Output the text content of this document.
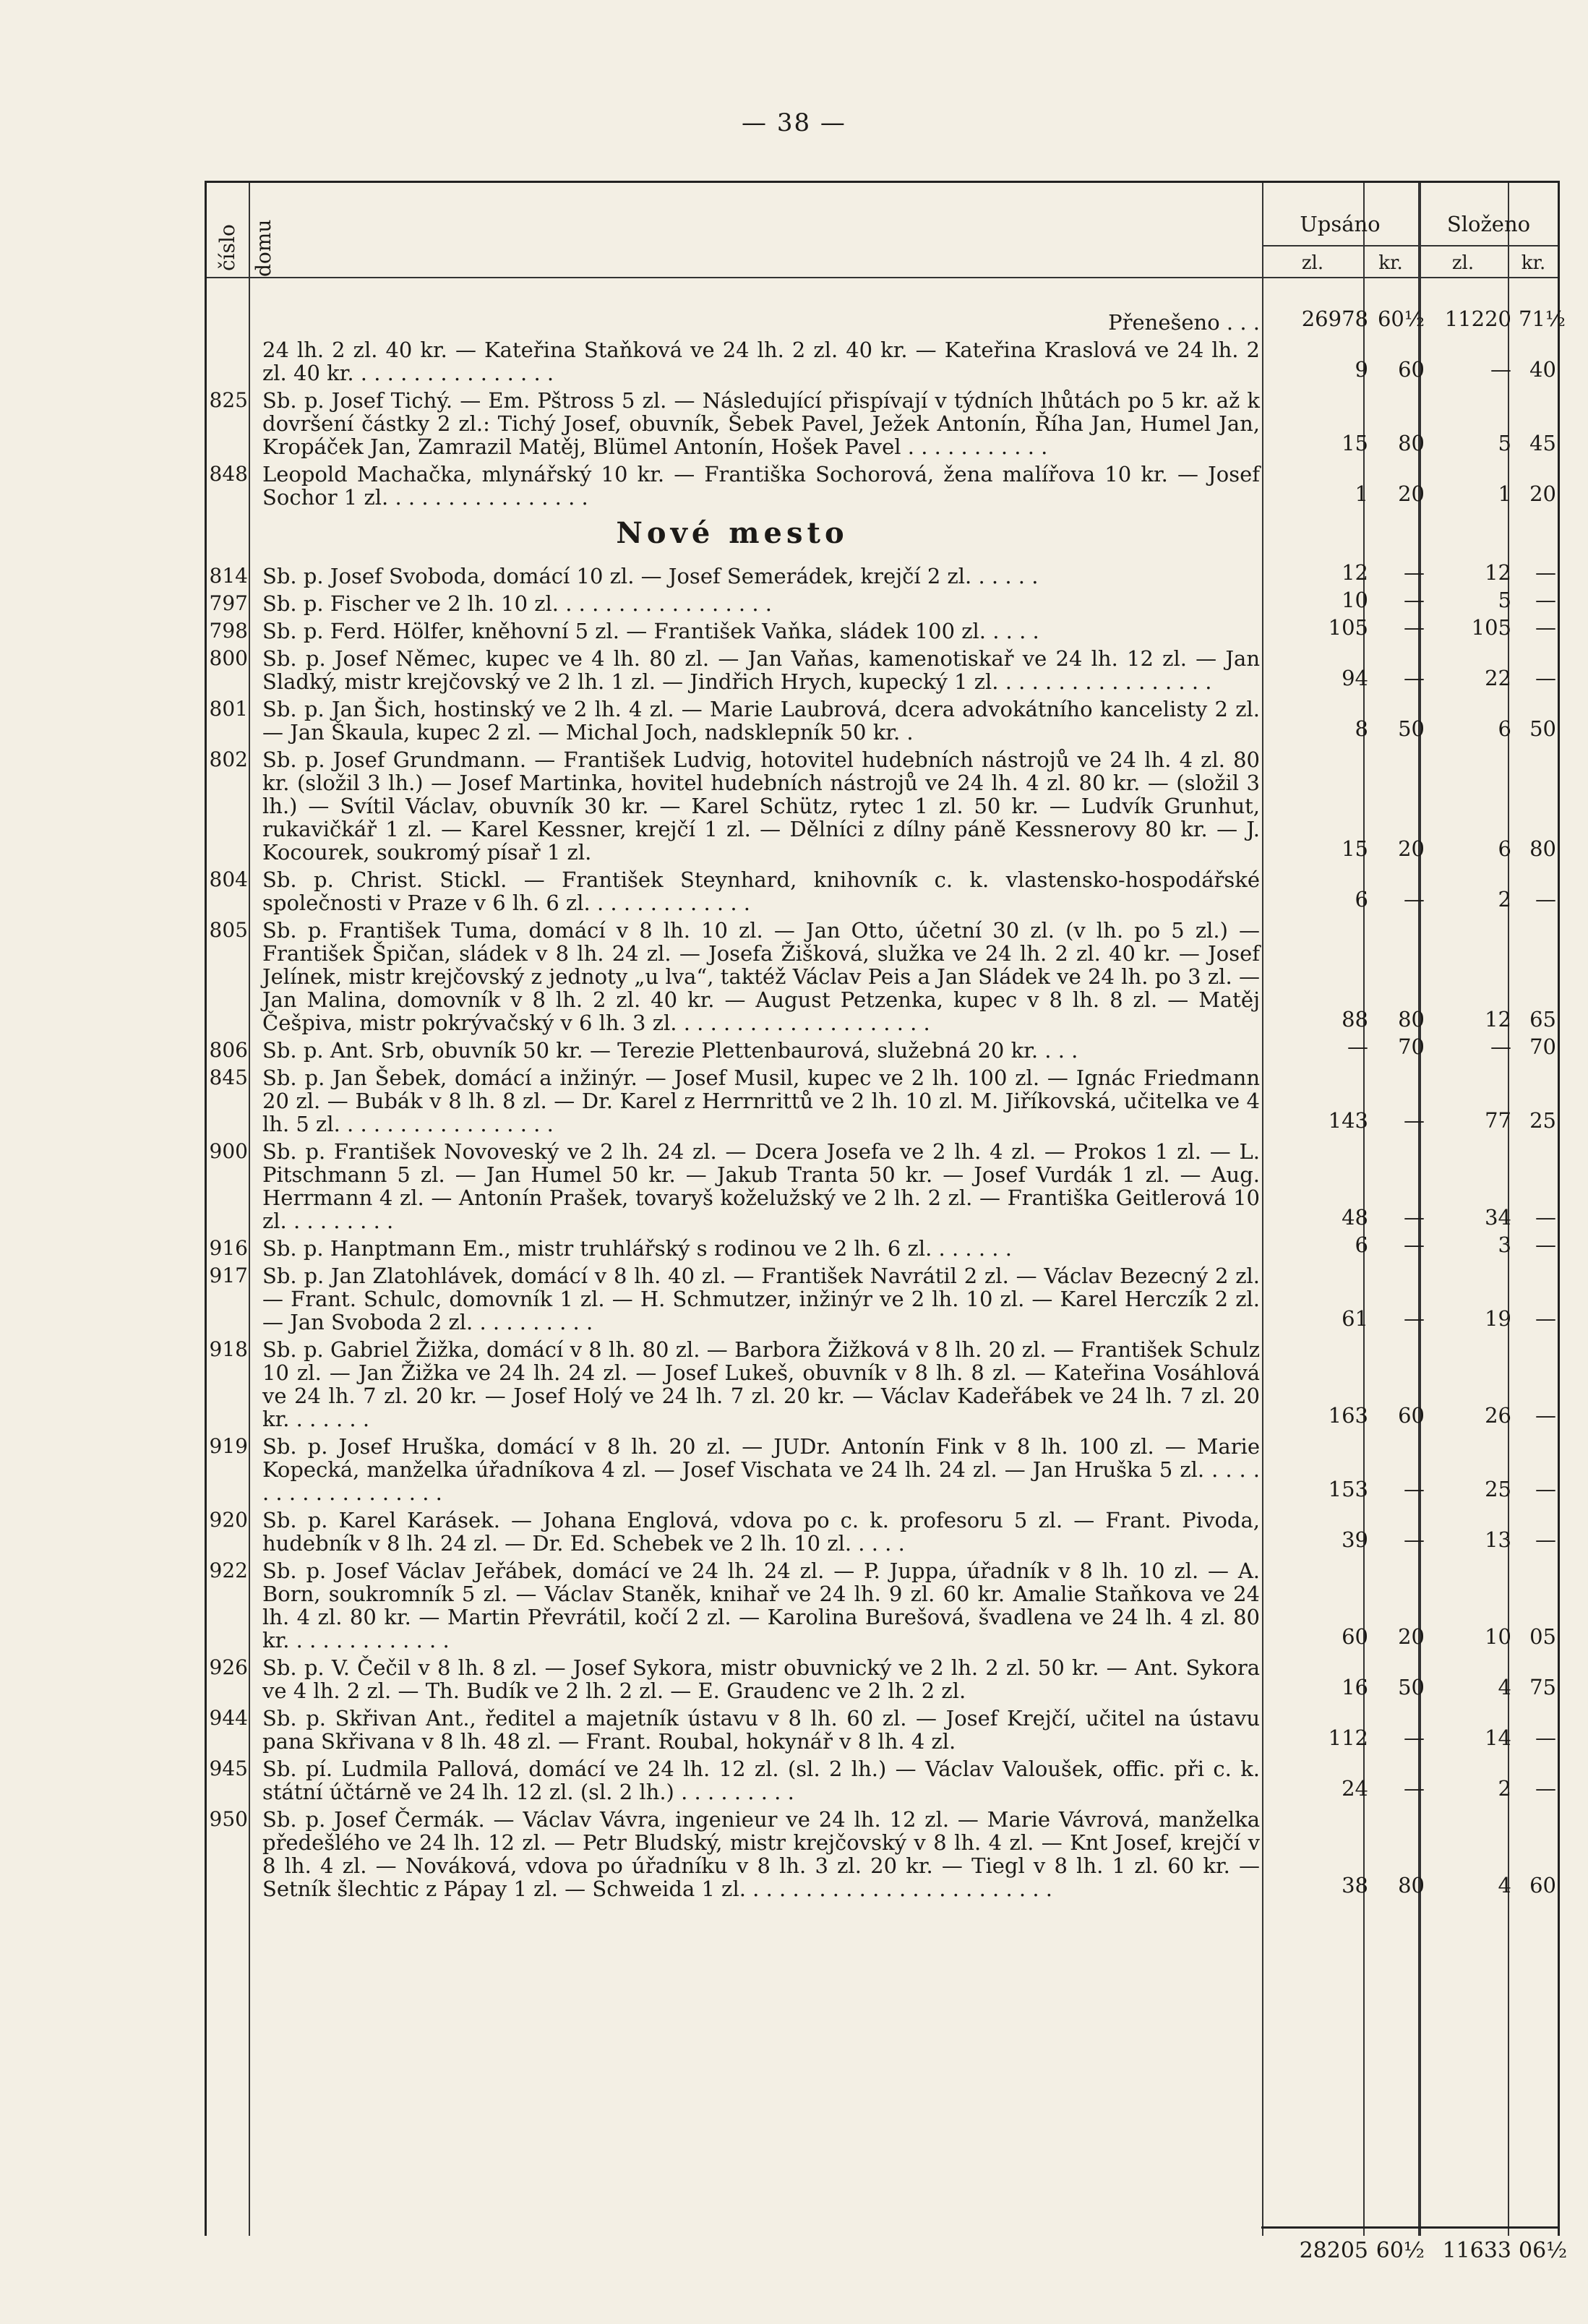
— 38 —
číslo domu	Upsáno	Složeno
zl.	kr.	zl.	kr.
Přenešeno . . .	26978 60½ 11220 71½
24 lh. 2 zl. 40 kr. — Kateřina Staňková ve 24 lh. 2 zl. 40 kr. — Kateřina Kraslová ve 24 lh. 2 zl. 40 kr. . . . . . . . . . . . . . . .	9	60	— 40
825 Sb. p. Josef Tichý. — Em. Pštross 5 zl. — Následující přispívají v týdních lhůtách po 5 kr. až k dovršení částky 2 zl.: Tichý Josef, obuvník, Šebek Pavel, Ježek Antonín, Říha Jan, Humel Jan, Kropáček Jan, Zamrazil Matěj, Blümel Antonín, Hošek Pavel . . . . . . . . . . .	15	80	5 45
848 Leopold Machačka, mlynářský 10 kr. — Františka Sochorová, žena malířova 10 kr. — Josef Sochor 1 zl. . . . . . . . . . . . . . . .	1	20	1 20
Nové mesto
814 Sb. p. Josef Svoboda, domácí 10 zl. — Josef Semerádek, krejčí 2 zl. . . . . .	12	—	12	—
797 Sb. p. Fischer ve 2 lh. 10 zl. . . . . . . . . . . . . . . . .	10	—	5	—
798 Sb. p. Ferd. Hölfer, kněhovní 5 zl. — František Vaňka, sládek 100 zl. . . . .	105	—	105	—
800 Sb. p. Josef Němec, kupec ve 4 lh. 80 zl. — Jan Vaňas, kamenotiskař ve 24 lh. 12 zl. — Jan Sladký, mistr krejčovský ve 2 lh. 1 zl. — Jindřich Hrych, kupecký 1 zl. . . . . . . . . . . . . . . . .	94	—	22	—
801 Sb. p. Jan Šich, hostinský ve 2 lh. 4 zl. — Marie Laubrová, dcera advokátního kancelisty 2 zl. — Jan Škaula, kupec 2 zl. — Michal Joch, nadsklepník 50 kr. .	8	50	6 50
802 Sb. p. Josef Grundmann. — František Ludvig, hotovitel hudebních nástrojů ve 24 lh. 4 zl. 80 kr. (složil 3 lh.) — Josef Martinka, hovitel hudebních nástrojů ve 24 lh. 4 zl. 80 kr. — (složil 3 lh.) — Svítil Václav, obuvník 30 kr. — Karel Schütz, rytec 1 zl. 50 kr. — Ludvík Grunhut, rukavičkář 1 zl. — Karel Kessner, krejčí 1 zl. — Dělníci z dílny páně Kessnerovy 80 kr. — J. Kocourek, soukromý písař 1 zl.	15	20	6 80
804 Sb. p. Christ. Stickl. — František Steynhard, knihovník c. k. vlastensko-hospodářské společnosti v Praze v 6 lh. 6 zl. . . . . . . . . . . . .	6	—	2	—
805 Sb. p. František Tuma, domácí v 8 lh. 10 zl. — Jan Otto, účetní 30 zl. (v lh. po 5 zl.) — František Špičan, sládek v 8 lh. 24 zl. — Josefa Žišková, služka ve 24 lh. 2 zl. 40 kr. — Josef Jelínek, mistr krejčovský z jednoty „u lva“, taktéž Václav Peis a Jan Sládek ve 24 lh. po 3 zl. — Jan Malina, domovník v 8 lh. 2 zl. 40 kr. — August Petzenka, kupec v 8 lh. 8 zl. — Matěj Češpiva, mistr pokrývačský v 6 lh. 3 zl. . . . . . . . . . . . . . . . . . . .	88	80	12 65
806 Sb. p. Ant. Srb, obuvník 50 kr. — Terezie Plettenbaurová, služebná 20 kr. . . .	—	70	— 70
845 Sb. p. Jan Šebek, domácí a inžinýr. — Josef Musil, kupec ve 2 lh. 100 zl. — Ignác Friedmann 20 zl. — Bubák v 8 lh. 8 zl. — Dr. Karel z Herrnrittů ve 2 lh. 10 zl. M. Jiříkovská, učitelka ve 4 lh. 5 zl. . . . . . . . . . . . . . . . .	143	—	77 25
900 Sb. p. František Novoveský ve 2 lh. 24 zl. — Dcera Josefa ve 2 lh. 4 zl. — Prokos 1 zl. — L. Pitschmann 5 zl. — Jan Humel 50 kr. — Jakub Tranta 50 kr. — Josef Vurdák 1 zl. — Aug. Herrmann 4 zl. — Antonín Prašek, tovaryš koželužský ve 2 lh. 2 zl. — Františka Geitlerová 10 zl. . . . . . . . .	48	—	34	—
916 Sb. p. Hanptmann Em., mistr truhlářský s rodinou ve 2 lh. 6 zl. . . . . . .	6	—	3	—
917 Sb. p. Jan Zlatohlávek, domácí v 8 lh. 40 zl. — František Navrátil 2 zl. — Václav Bezecný 2 zl. — Frant. Schulc, domovník 1 zl. — H. Schmutzer, inžinýr ve 2 lh. 10 zl. — Karel Herczík 2 zl. — Jan Svoboda 2 zl. . . . . . . . . .	61	—	19	—
918 Sb. p. Gabriel Žižka, domácí v 8 lh. 80 zl. — Barbora Žižková v 8 lh. 20 zl. — František Schulz 10 zl. — Jan Žižka ve 24 lh. 24 zl. — Josef Lukeš, obuvník v 8 lh. 8 zl. — Kateřina Vosáhlová ve 24 lh. 7 zl. 20 kr. — Josef Holý ve 24 lh. 7 zl. 20 kr. — Václav Kadeřábek ve 24 lh. 7 zl. 20 kr. . . . . . .	163	60	26	—
919 Sb. p. Josef Hruška, domácí v 8 lh. 20 zl. — JUDr. Antonín Fink v 8 lh. 100 zl. — Marie Kopecká, manželka úřadníkova 4 zl. — Josef Vischata ve 24 lh. 24 zl. — Jan Hruška 5 zl. . . . . . . . . . . . . . . . . . .	153	—	25	—
920 Sb. p. Karel Karásek. — Johana Englová, vdova po c. k. profesoru 5 zl. — Frant. Pivoda, hudebník v 8 lh. 24 zl. — Dr. Ed. Schebek ve 2 lh. 10 zl. . . . .	39	—	13	—
922 Sb. p. Josef Václav Jeřábek, domácí ve 24 lh. 24 zl. — P. Juppa, úřadník v 8 lh. 10 zl. — A. Born, soukromník 5 zl. — Václav Staněk, knihař ve 24 lh. 9 zl. 60 kr. Amalie Staňkova ve 24 lh. 4 zl. 80 kr. — Martin Převrátil, kočí 2 zl. — Karolina Burešová, švadlena ve 24 lh. 4 zl. 80 kr. . . . . . . . . . . . .	60	20	10 05
926 Sb. p. V. Čečil v 8 lh. 8 zl. — Josef Sykora, mistr obuvnický ve 2 lh. 2 zl. 50 kr. — Ant. Sykora ve 4 lh. 2 zl. — Th. Budík ve 2 lh. 2 zl. — E. Graudenc ve 2 lh. 2 zl.	16	50	4 75
944 Sb. p. Skřivan Ant., ředitel a majetník ústavu v 8 lh. 60 zl. — Josef Krejčí, učitel na ústavu pana Skřivana v 8 lh. 48 zl. — Frant. Roubal, hokynář v 8 lh. 4 zl.	112	—	14	—
945 Sb. pí. Ludmila Pallová, domácí ve 24 lh. 12 zl. (sl. 2 lh.) — Václav Valoušek, offic. při c. k. státní účtárně ve 24 lh. 12 zl. (sl. 2 lh.) . . . . . . . . .	24	—	2	—
950 Sb. p. Josef Čermák. — Václav Vávra, ingenieur ve 24 lh. 12 zl. — Marie Vávrová, manželka předešlého ve 24 lh. 12 zl. — Petr Bludský, mistr krejčovský v 8 lh. 4 zl. — Knt Josef, krejčí v 8 lh. 4 zl. — Nováková, vdova po úřadníku v 8 lh. 3 zl. 20 kr. — Tiegl v 8 lh. 1 zl. 60 kr. — Setník šlechtic z Pápay 1 zl. — Schweida 1 zl. . . . . . . . . . . . . . . . . . . . . . . .	38	80	4 60
28205 60½ 11633 06½
